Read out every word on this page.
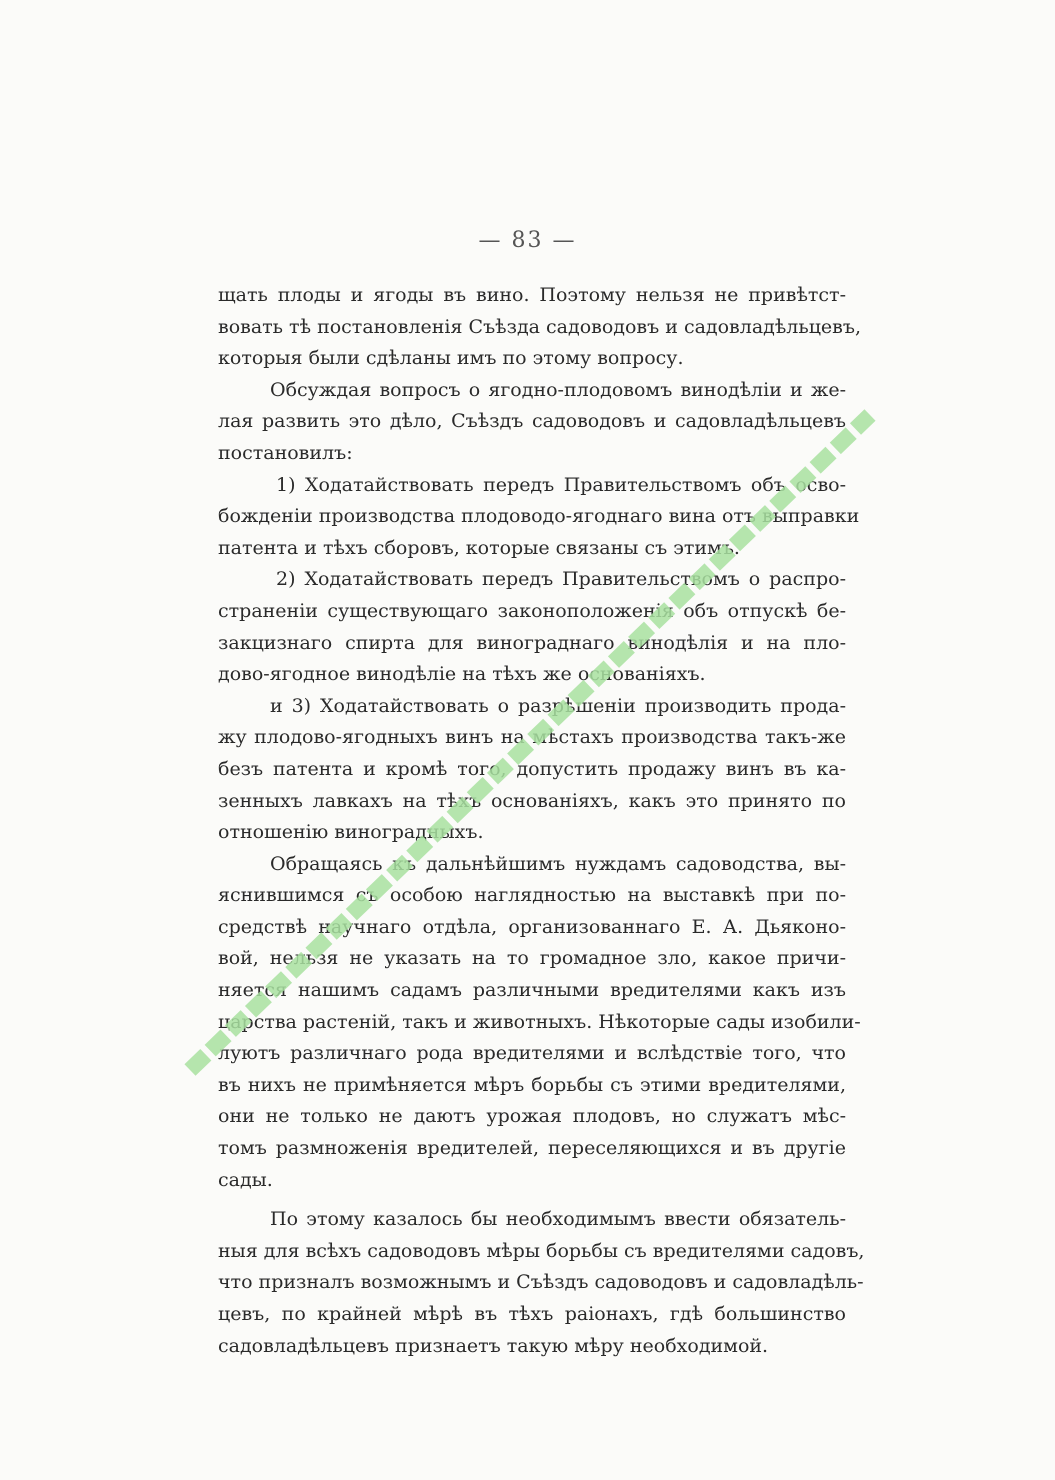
— 83 —

щать плоды и ягоды въ вино. Поэтому нельзя не привѣтст-
вовать тѣ постановленія Съѣзда садоводовъ и садовладѣльцевъ,
которыя были сдѣланы имъ по этому вопросу.

Обсуждая вопросъ о ягодно-плодовомъ винодѣліи и же-
лая развить это дѣло, Съѣздъ садоводовъ и садовладѣльцевъ
постановилъ:

1) Ходатайствовать передъ Правительствомъ объ осво-
божденіи производства плодоводо-ягоднаго вина отъ выправки
патента и тѣхъ сборовъ, которые связаны съ этимъ.

2) Ходатайствовать передъ Правительствомъ о распро-
страненіи существующаго законоположенія объ отпускѣ бе-
закцизнаго спирта для винограднаго винодѣлія и на пло-
дово-ягодное винодѣліе на тѣхъ же основаніяхъ.

и 3) Ходатайствовать о разрѣшеніи производить прода-
жу плодово-ягодныхъ винъ на мѣстахъ производства такъ-же
безъ патента и кромѣ того, допустить продажу винъ въ ка-
зенныхъ лавкахъ на тѣхъ основаніяхъ, какъ это принято по
отношенію виноградныхъ.

Обращаясь къ дальнѣйшимъ нуждамъ садоводства, вы-
яснившимся съ особою наглядностью на выставкѣ при по-
средствѣ научнаго отдѣла, организованнаго Е. А. Дьяконо-
вой, нельзя не указать на то громадное зло, какое причи-
няется нашимъ садамъ различными вредителями какъ изъ
царства растеній, такъ и животныхъ. Нѣкоторые сады изобили-
луютъ различнаго рода вредителями и вслѣдствіе того, что
въ нихъ не примѣняется мѣръ борьбы съ этими вредителями,
они не только не даютъ урожая плодовъ, но служатъ мѣс-
томъ размноженія вредителей, переселяющихся и въ другіе
сады.

По этому казалось бы необходимымъ ввести обязатель-
ныя для всѣхъ садоводовъ мѣры борьбы съ вредителями садовъ,
что призналъ возможнымъ и Съѣздъ садоводовъ и садовладѣль-
цевъ, по крайней мѣрѣ въ тѣхъ раіонахъ, гдѣ большинство
садовладѣльцевъ признаетъ такую мѣру необходимой.
